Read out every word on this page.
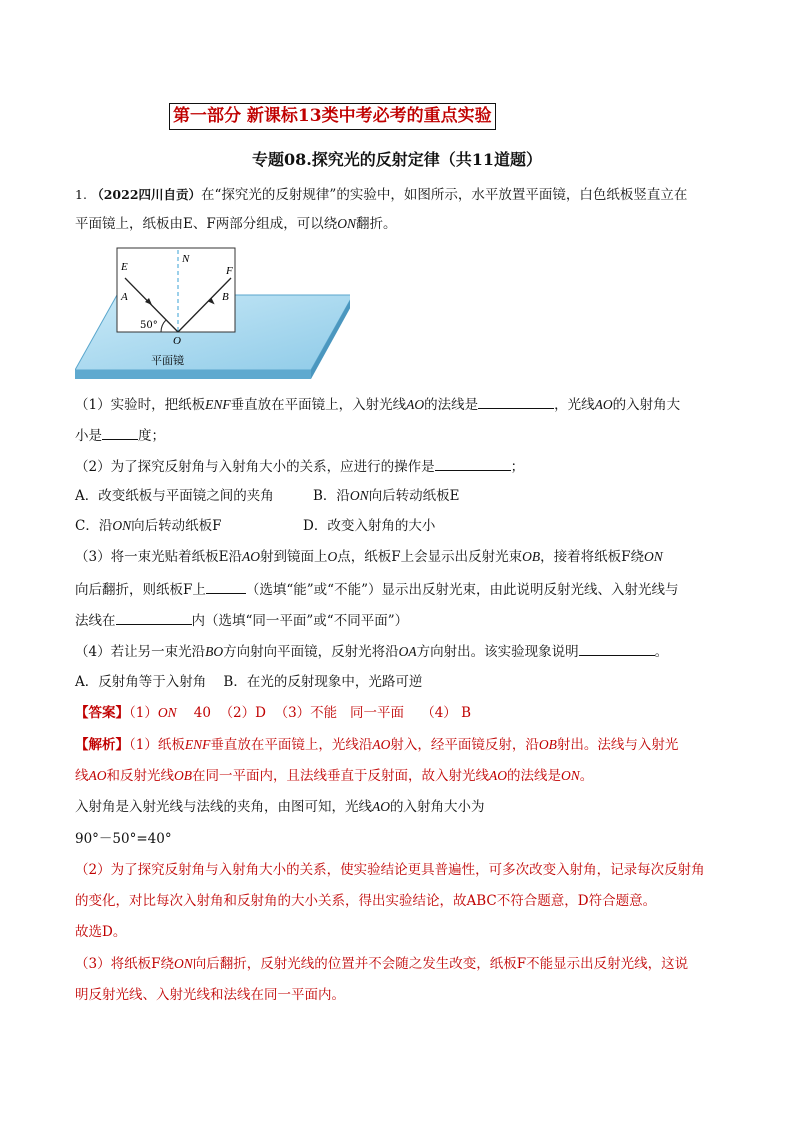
第一部分 新课标13类中考必考的重点实验
专题08.探究光的反射定律（共11道题）
1. （2022四川自贡）在“探究光的反射规律”的实验中，如图所示，水平放置平面镜，白色纸板竖直立在
平面镜上，纸板由E、F两部分组成，可以绕ON翻折。
E
N
F
A	B
O
50°
平面镜
（1）实验时，把纸板ENF垂直放在平面镜上，入射光线AO的法线是	，光线AO的入射角大
小是	度；
（2）为了探究反射角与入射角大小的关系，应进行的操作是	；
A．改变纸板与平面镜之间的夹角	B．沿ON向后转动纸板E
C．沿ON向后转动纸板F	D．改变入射角的大小
（3）将一束光贴着纸板E沿AO射到镜面上O点，纸板F上会显示出反射光束OB，接着将纸板F绕ON
向后翻折，则纸板F上	（选填“能”或“不能”）显示出反射光束，由此说明反射光线、入射光线与
法线在	内（选填“同一平面”或“不同平面”）
（4）若让另一束光沿BO方向射向平面镜，反射光将沿OA方向射出。该实验现象说明	。
A．反射角等于入射角    B．在光的反射现象中，光路可逆
【答案】（1）ON 40 （2）D （3）不能 同一平面 （4） B
【解析】（1）纸板ENF垂直放在平面镜上，光线沿AO射入，经平面镜反射，沿OB射出。法线与入射光
线AO和反射光线OB在同一平面内，且法线垂直于反射面，故入射光线AO的法线是ON。
入射角是入射光线与法线的夹角，由图可知，光线AO的入射角大小为
90°－50°=40°
（2）为了探究反射角与入射角大小的关系，使实验结论更具普遍性，可多次改变入射角，记录每次反射角
的变化，对比每次入射角和反射角的大小关系，得出实验结论，故ABC不符合题意，D符合题意。
故选D。
（3）将纸板F绕ON向后翻折，反射光线的位置并不会随之发生改变，纸板F不能显示出反射光线，这说
明反射光线、入射光线和法线在同一平面内。
